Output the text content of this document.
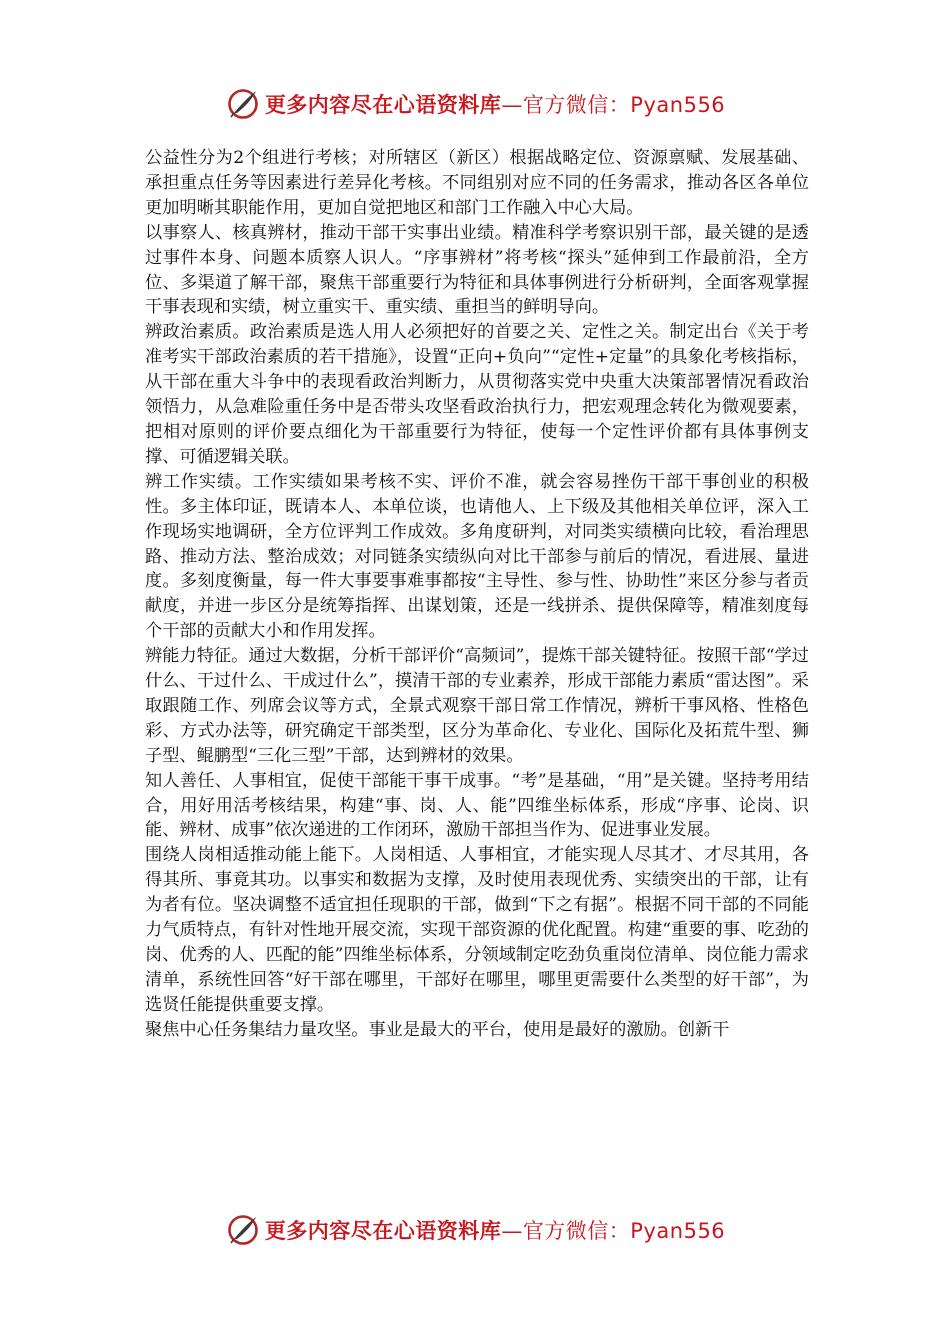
更多内容尽在心语资料库—官方微信：Pyan556

公益性分为2个组进行考核；对所辖区（新区）根据战略定位、资源禀赋、发展基础、承担重点任务等因素进行差异化考核。不同组别对应不同的任务需求，推动各区各单位更加明晰其职能作用，更加自觉把地区和部门工作融入中心大局。

以事察人、核真辨材，推动干部干实事出业绩。精准科学考察识别干部，最关键的是透过事件本身、问题本质察人识人。“序事辨材”将考核“探头”延伸到工作最前沿，全方位、多渠道了解干部，聚焦干部重要行为特征和具体事例进行分析研判，全面客观掌握干事表现和实绩，树立重实干、重实绩、重担当的鲜明导向。

辨政治素质。政治素质是选人用人必须把好的首要之关、定性之关。制定出台《关于考准考实干部政治素质的若干措施》，设置“正向+负向”“定性+定量”的具象化考核指标，从干部在重大斗争中的表现看政治判断力，从贯彻落实党中央重大决策部署情况看政治领悟力，从急难险重任务中是否带头攻坚看政治执行力，把宏观理念转化为微观要素，把相对原则的评价要点细化为干部重要行为特征，使每一个定性评价都有具体事例支撑、可循逻辑关联。

辨工作实绩。工作实绩如果考核不实、评价不准，就会容易挫伤干部干事创业的积极性。多主体印证，既请本人、本单位谈，也请他人、上下级及其他相关单位评，深入工作现场实地调研，全方位评判工作成效。多角度研判，对同类实绩横向比较，看治理思路、推动方法、整治成效；对同链条实绩纵向对比干部参与前后的情况，看进展、量进度。多刻度衡量，每一件大事要事难事都按“主导性、参与性、协助性”来区分参与者贡献度，并进一步区分是统筹指挥、出谋划策，还是一线拼杀、提供保障等，精准刻度每个干部的贡献大小和作用发挥。

辨能力特征。通过大数据，分析干部评价“高频词”，提炼干部关键特征。按照干部“学过什么、干过什么、干成过什么”，摸清干部的专业素养，形成干部能力素质“雷达图”。采取跟随工作、列席会议等方式，全景式观察干部日常工作情况，辨析干事风格、性格色彩、方式办法等，研究确定干部类型，区分为革命化、专业化、国际化及拓荒牛型、狮子型、鲲鹏型“三化三型”干部，达到辨材的效果。

知人善任、人事相宜，促使干部能干事干成事。“考”是基础，“用”是关键。坚持考用结合，用好用活考核结果，构建“事、岗、人、能”四维坐标体系，形成“序事、论岗、识能、辨材、成事”依次递进的工作闭环，激励干部担当作为、促进事业发展。

围绕人岗相适推动能上能下。人岗相适、人事相宜，才能实现人尽其才、才尽其用，各得其所、事竟其功。以事实和数据为支撑，及时使用表现优秀、实绩突出的干部，让有为者有位。坚决调整不适宜担任现职的干部，做到“下之有据”。根据不同干部的不同能力气质特点，有针对性地开展交流，实现干部资源的优化配置。构建“重要的事、吃劲的岗、优秀的人、匹配的能”四维坐标体系，分领域制定吃劲负重岗位清单、岗位能力需求清单，系统性回答“好干部在哪里，干部好在哪里，哪里更需要什么类型的好干部”，为选贤任能提供重要支撑。

聚焦中心任务集结力量攻坚。事业是最大的平台，使用是最好的激励。创新干

更多内容尽在心语资料库—官方微信：Pyan556
